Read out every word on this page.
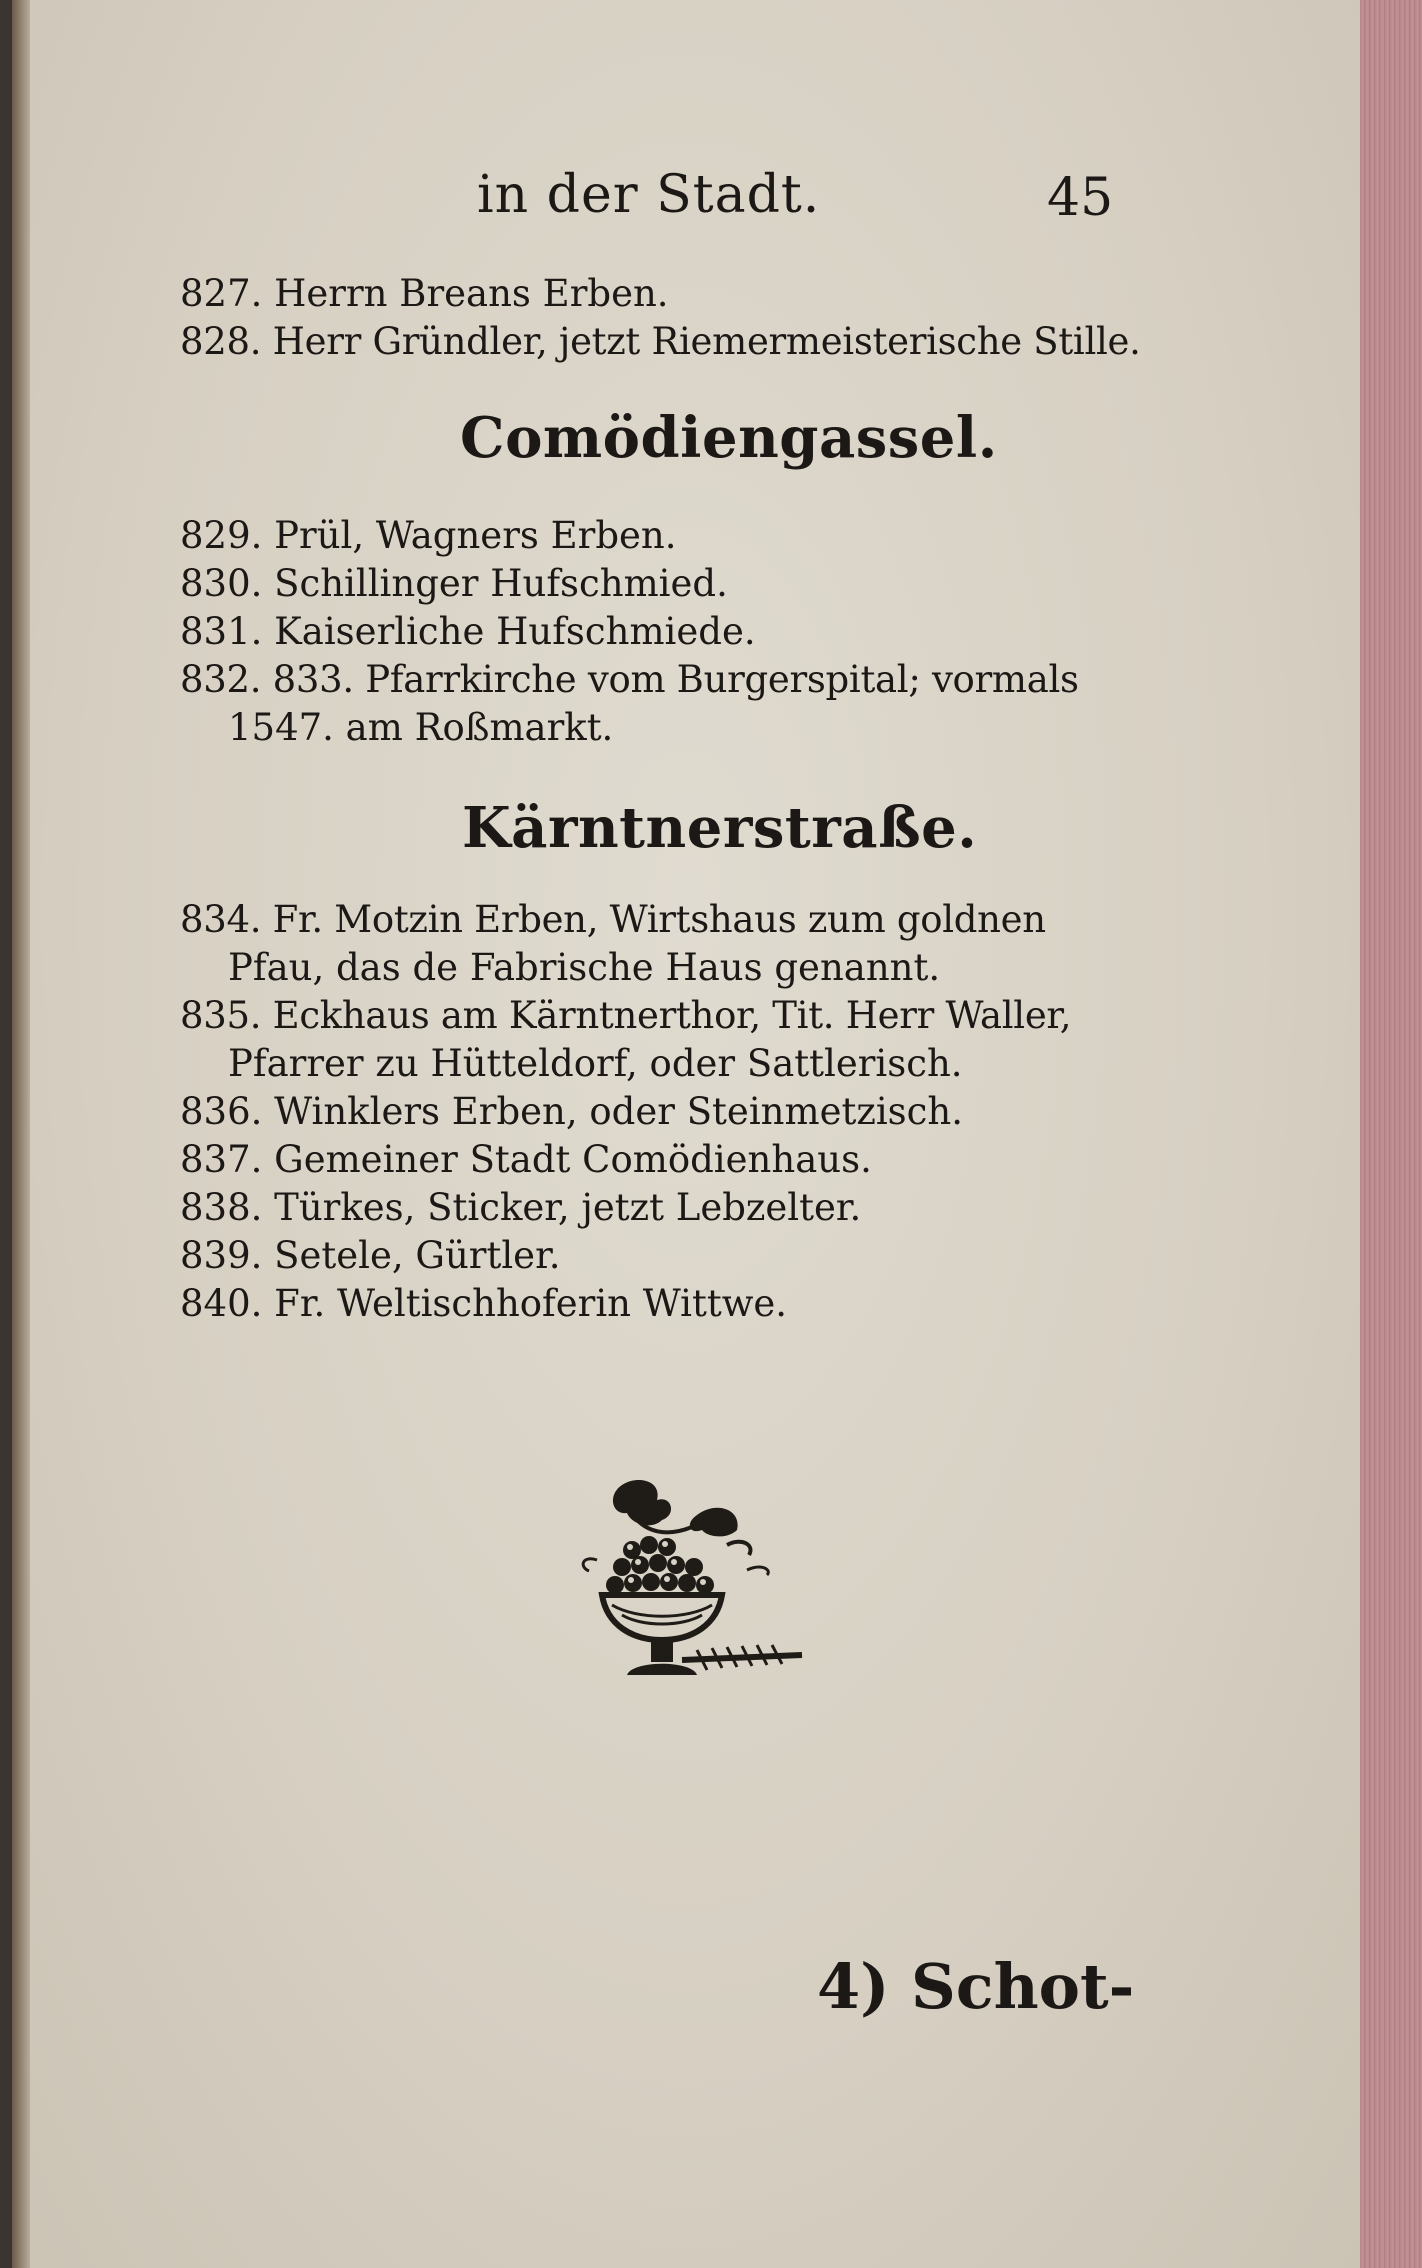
in der Stadt.	45
827. Herrn Breans Erben.
828. Herr Gründler, jetzt Riemermeisterische Stille.
Comödiengassel.
829. Prül, Wagners Erben.
830. Schillinger Hufschmied.
831. Kaiserliche Hufschmiede.
832. 833. Pfarrkirche vom Burgerspital; vormals
1547. am Roßmarkt.
Kärntnerstraße.
834. Fr. Motzin Erben, Wirtshaus zum goldnen
Pfau, das de Fabrische Haus genannt.
835. Eckhaus am Kärntnerthor, Tit. Herr Waller,
Pfarrer zu Hütteldorf, oder Sattlerisch.
836. Winklers Erben, oder Steinmetzisch.
837. Gemeiner Stadt Comödienhaus.
838. Türkes, Sticker, jetzt Lebzelter.
839. Setele, Gürtler.
840. Fr. Weltischhoferin Wittwe.
4) Schot-
